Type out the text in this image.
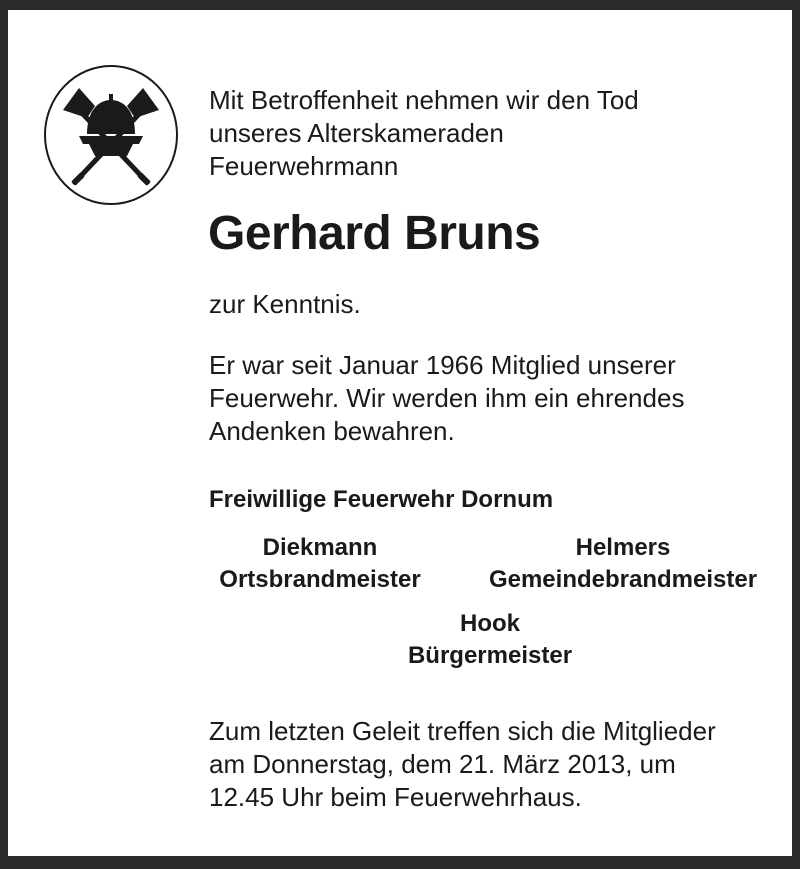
Mit Betroffenheit nehmen wir den Tod
unseres Alterskameraden
Feuerwehrmann
Gerhard Bruns
zur Kenntnis.
Er war seit Januar 1966 Mitglied unserer
Feuerwehr. Wir werden ihm ein ehrendes
Andenken bewahren.
Freiwillige Feuerwehr Dornum
Diekmann
Ortsbrandmeister
Helmers
Gemeindebrandmeister
Hook
Bürgermeister
Zum letzten Geleit treffen sich die Mitglieder
am Donnerstag, dem 21. März 2013, um
12.45 Uhr beim Feuerwehrhaus.
